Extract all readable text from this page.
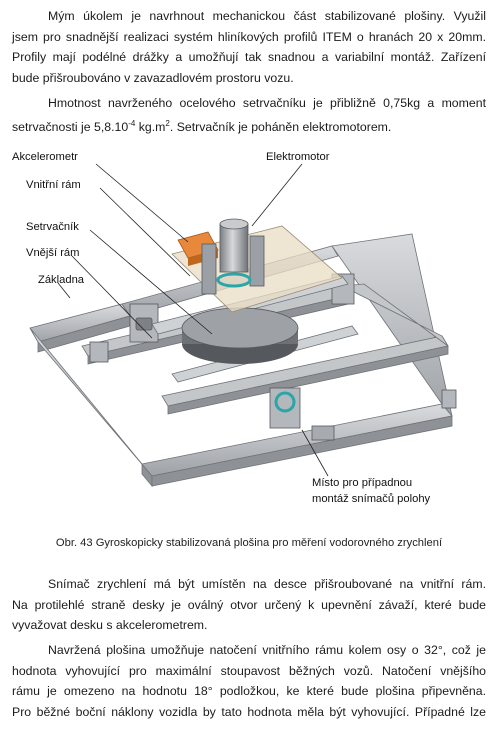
Mým úkolem je navrhnout mechanickou část stabilizované plošiny. Využil
jsem pro snadnější realizaci systém hliníkových profilů ITEM o hranách 20 x 20mm.
Profily mají podélné drážky a umožňují tak snadnou a variabilní montáž. Zařízení
bude přišroubováno v zavazadlovém prostoru vozu.
Hmotnost navrženého ocelového setrvačníku je přibližně 0,75kg a moment
setrvačnosti je $5,8.10^{-4}$ $kg.m^2$. Setrvačník je poháněn elektromotorem.
Akcelerometr	Elektromotor
Vnitřní rám
Setrvačník
Vnější rám
Základna
Místo pro případnou
montáž snímačů polohy
Obr. 43 Gyroskopicky stabilizovaná plošina pro měření vodorovného zrychlení
Snímač zrychlení má být umístěn na desce přišroubované na vnitřní rám.
Na protilehlé straně desky je oválný otvor určený k upevnění závaží, které bude
vyvažovat desku s akcelerometrem.
Navržená plošina umožňuje natočení vnitřního rámu kolem osy o 32°, což je
hodnota vyhovující pro maximální stoupavost běžných vozů. Natočení vnějšího
rámu je omezeno na hodnotu 18° podložkou, ke které bude plošina připevněna.
Pro běžné boční náklony vozidla by tato hodnota měla být vyhovující. Případné lze
